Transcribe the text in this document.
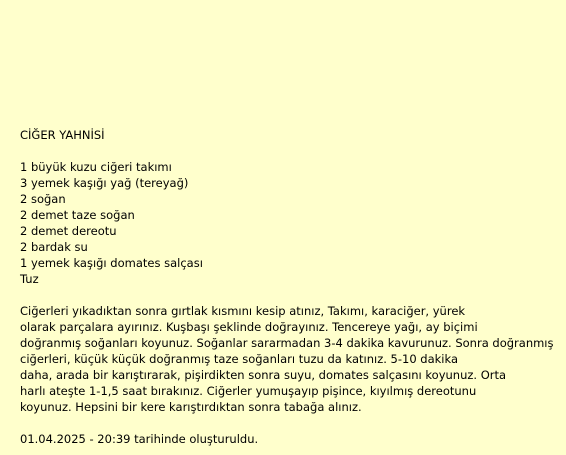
CİĞER YAHNİSİ
1 büyük kuzu ciğeri takımı
3 yemek kaşığı yağ (tereyağ)
2 soğan
2 demet taze soğan
2 demet dereotu
2 bardak su
1 yemek kaşığı domates salçası
Tuz
Ciğerleri yıkadıktan sonra gırtlak kısmını kesip atınız, Takımı, karaciğer, yürek
olarak parçalara ayırınız. Kuşbaşı şeklinde doğrayınız. Tencereye yağı, ay biçimi
doğranmış soğanları koyunuz. Soğanlar sararmadan 3-4 dakika kavurunuz. Sonra doğranmış
ciğerleri, küçük küçük doğranmış taze soğanları tuzu da katınız. 5-10 dakika
daha, arada bir karıştırarak, pişirdikten sonra suyu, domates salçasını koyunuz. Orta
harlı ateşte 1-1,5 saat bırakınız. Ciğerler yumuşayıp pişince, kıyılmış dereotunu
koyunuz. Hepsini bir kere karıştırdıktan sonra tabağa alınız.
01.04.2025 - 20:39 tarihinde oluşturuldu.
